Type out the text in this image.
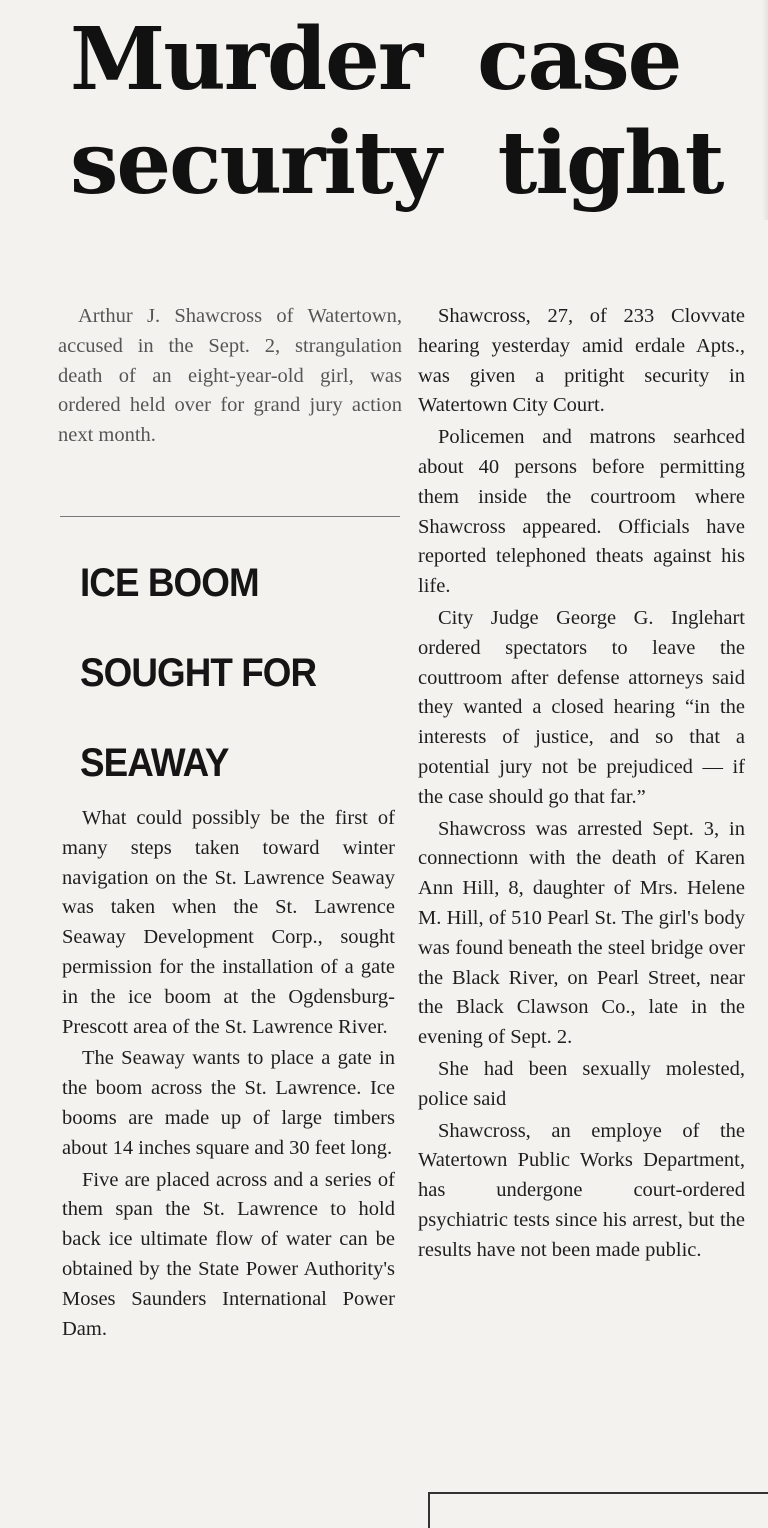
Murder case
security tight

Arthur J. Shawcross of Watertown, accused in the Sept. 2, strangulation death of an eight-year-old girl, was ordered held over for grand jury action next month.

ICE BOOM
SOUGHT FOR
SEAWAY

What could possibly be the first of many steps taken toward winter navigation on the St. Lawrence Seaway was taken when the St. Lawrence Seaway Development Corp., sought permission for the installation of a gate in the ice boom at the Ogdensburg-Prescott area of the St. Lawrence River.

The Seaway wants to place a gate in the boom across the St. Lawrence. Ice booms are made up of large timbers about 14 inches square and 30 feet long.

Five are placed across and a series of them span the St. Lawrence to hold back ice ultimate flow of water can be obtained by the State Power Authority's Moses Saunders International Power Dam.

Shawcross, 27, of 233 Clovvate hearing yesterday amid erdale Apts., was given a pritight security in Watertown City Court.

Policemen and matrons searhced about 40 persons before permitting them inside the courtroom where Shawcross appeared. Officials have reported telephoned theats against his life.

City Judge George G. Inglehart ordered spectators to leave the couttroom after defense attorneys said they wanted a closed hearing “in the interests of justice, and so that a potential jury not be prejudiced — if the case should go that far.”

Shawcross was arrested Sept. 3, in connectionn with the death of Karen Ann Hill, 8, daughter of Mrs. Helene M. Hill, of 510 Pearl St. The girl's body was found beneath the steel bridge over the Black River, on Pearl Street, near the Black Clawson Co., late in the evening of Sept. 2.

She had been sexually molested, police said

Shawcross, an employe of the Watertown Public Works Department, has undergone court-ordered psychiatric tests since his arrest, but the results have not been made public.
